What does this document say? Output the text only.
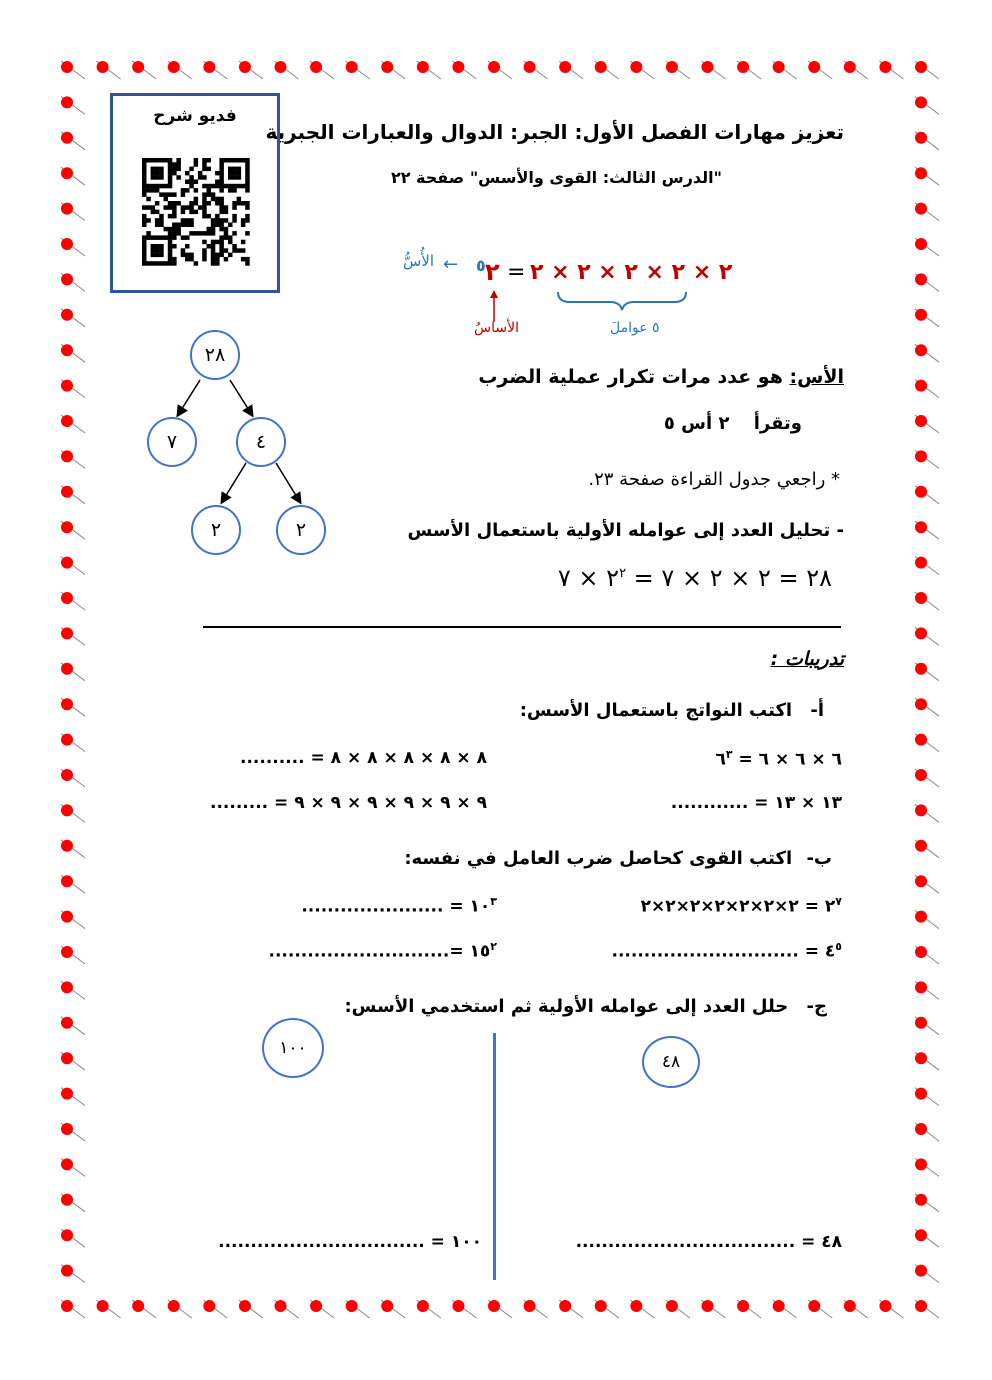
تعزيز مهارات الفصل الأول: الجبر: الدوال والعبارات الجبرية
"الدرس الثالث: القوى والأسس" صفحة ٢٢
فديو شرح
٢
٥
←
الأُسُّ	= ٢ × ٢ × ٢ × ٢ × ٢
الأساسُ	٥ عواملَ
الأس: هو عدد مرات تكرار عملية الضرب
وتقرأ ٢ أس ٥
* راجعي جدول القراءة صفحة ٢٣.
- تحليل العدد إلى عوامله الأولية باستعمال الأسس
٢٨ = ٢ × ٢ × ٧ = $٢^٢$ × ٧
٢٨
٧	٤
٢	٢
تدريبات :
أ- اكتب النواتج باستعمال الأسس:
٦ × ٦ × ٦ = $٦^٣$
٨ × ٨ × ٨ × ٨ × ٨ = ..........
١٣ × ١٣ = ............
٩ × ٩ × ٩ × ٩ × ٩ × ٩ = .........
ب- اكتب القوى كحاصل ضرب العامل في نفسه:
$٢^٧$ = ٢×٢×٢×٢×٢×٢×٢
$١٠^٣$ = ......................
$٤^٥$ = .............................
$١٥^٢$ =............................
ج- حلل العدد إلى عوامله الأولية ثم استخدمي الأسس:
١٠٠
٤٨
٤٨ = ..................................
١٠٠ = ................................
